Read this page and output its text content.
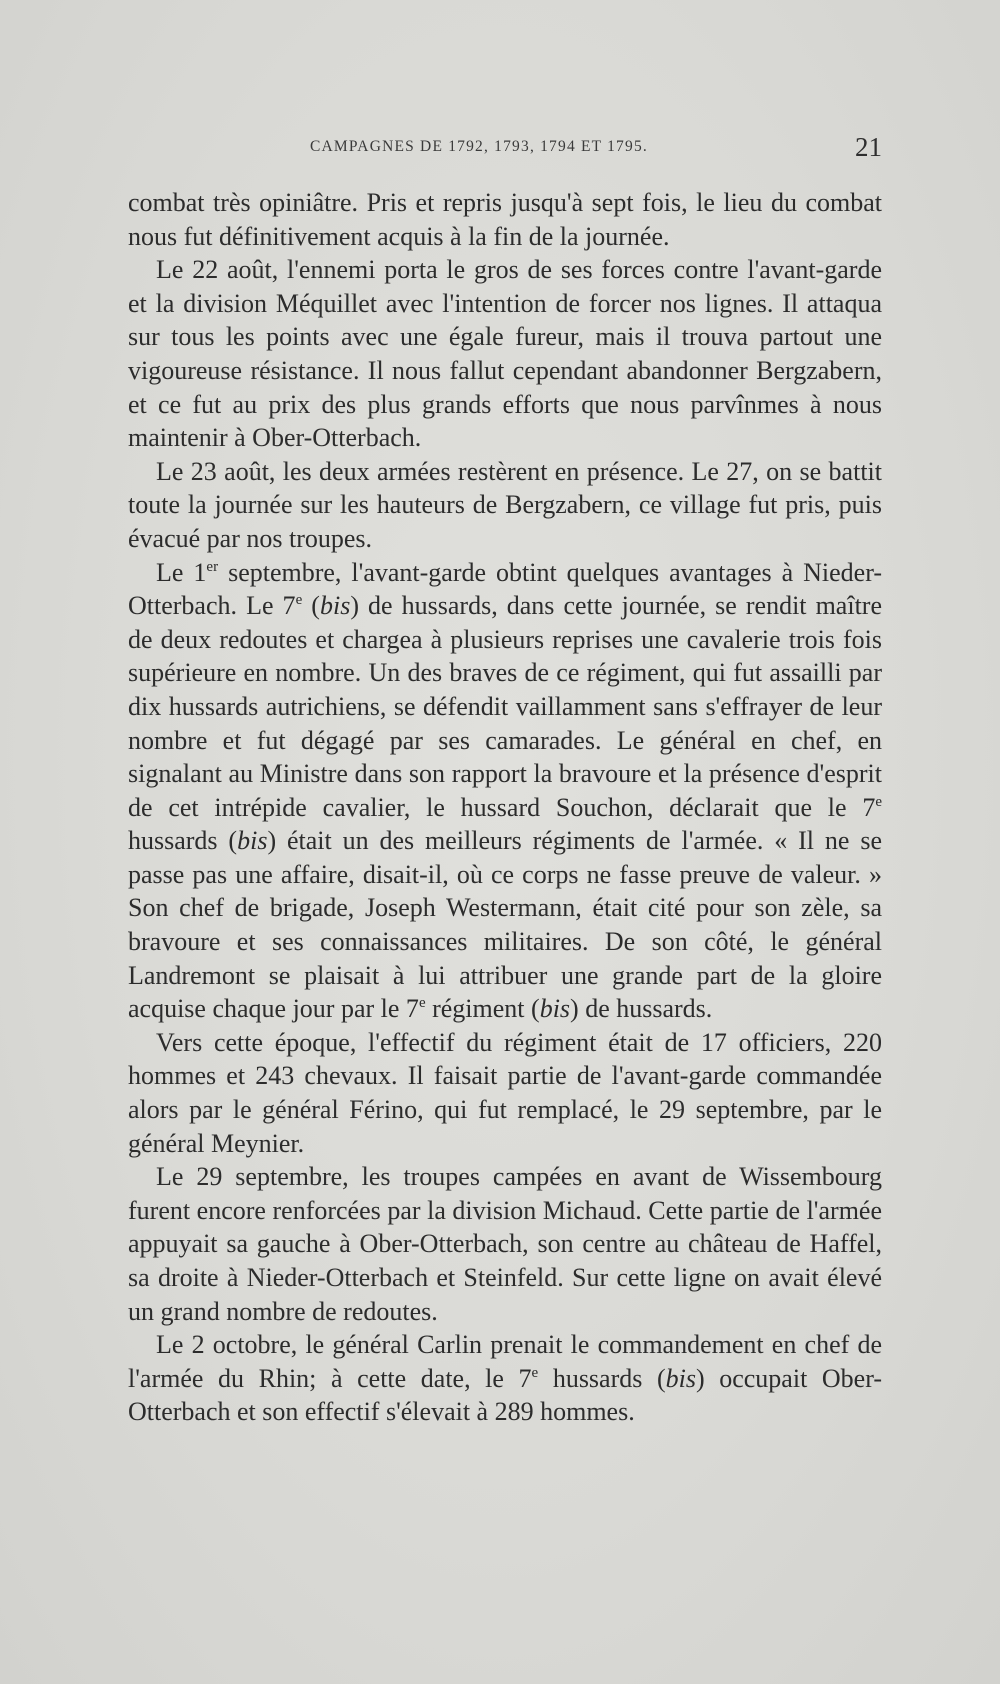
CAMPAGNES DE 1792, 1793, 1794 ET 1795.	21

combat très opiniâtre. Pris et repris jusqu'à sept fois, le lieu du combat nous fut définitivement acquis à la fin de la journée.

Le 22 août, l'ennemi porta le gros de ses forces contre l'avant-garde et la division Méquillet avec l'intention de forcer nos lignes. Il attaqua sur tous les points avec une égale fureur, mais il trouva partout une vigoureuse résistance. Il nous fallut cependant abandonner Bergzabern, et ce fut au prix des plus grands efforts que nous parvînmes à nous maintenir à Ober-Otterbach.

Le 23 août, les deux armées restèrent en présence. Le 27, on se battit toute la journée sur les hauteurs de Bergzabern, ce village fut pris, puis évacué par nos troupes.

Le 1er septembre, l'avant-garde obtint quelques avantages à Nieder-Otterbach. Le 7e (bis) de hussards, dans cette journée, se rendit maître de deux redoutes et chargea à plusieurs reprises une cavalerie trois fois supérieure en nombre. Un des braves de ce régiment, qui fut assailli par dix hussards autrichiens, se défendit vaillamment sans s'effrayer de leur nombre et fut dégagé par ses camarades. Le général en chef, en signalant au Ministre dans son rapport la bravoure et la présence d'esprit de cet intrépide cavalier, le hussard Souchon, déclarait que le 7e hussards (bis) était un des meilleurs régiments de l'armée. « Il ne se passe pas une affaire, disait-il, où ce corps ne fasse preuve de valeur. » Son chef de brigade, Joseph Westermann, était cité pour son zèle, sa bravoure et ses connaissances militaires. De son côté, le général Landremont se plaisait à lui attribuer une grande part de la gloire acquise chaque jour par le 7e régiment (bis) de hussards.

Vers cette époque, l'effectif du régiment était de 17 officiers, 220 hommes et 243 chevaux. Il faisait partie de l'avant-garde commandée alors par le général Férino, qui fut remplacé, le 29 septembre, par le général Meynier.

Le 29 septembre, les troupes campées en avant de Wissembourg furent encore renforcées par la division Michaud. Cette partie de l'armée appuyait sa gauche à Ober-Otterbach, son centre au château de Haffel, sa droite à Nieder-Otterbach et Steinfeld. Sur cette ligne on avait élevé un grand nombre de redoutes.

Le 2 octobre, le général Carlin prenait le commandement en chef de l'armée du Rhin; à cette date, le 7e hussards (bis) occupait Ober-Otterbach et son effectif s'élevait à 289 hommes.
